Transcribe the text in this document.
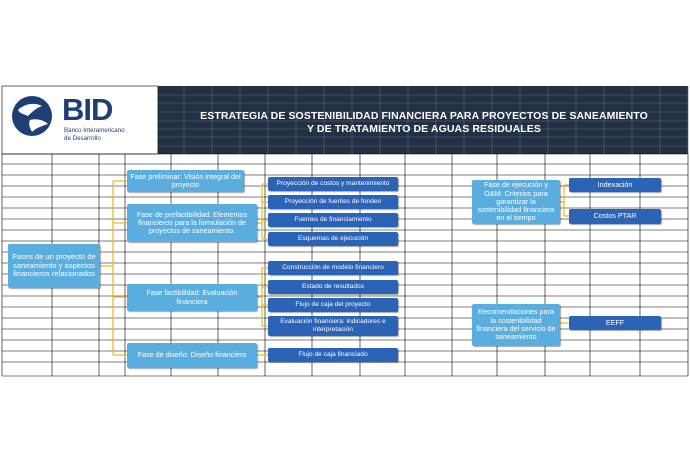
BID
Banco Interamericano
de Desarrollo
ESTRATEGIA DE SOSTENIBILIDAD FINANCIERA PARA PROYECTOS DE SANEAMIENTO
Y DE TRATAMIENTO DE AGUAS RESIDUALES
Fases de un proyecto de saneamiento y aspectos financieros relacionados
Fase preliminar: Visión integral del proyecto
Fase de prefactibilidad: Elementos financieros para la formulación de proyectos de saneamiento.
Fase factibilidad: Evaluación financiera
Fase de diseño: Diseño financiero
Proyección de costos y mantenimiento
Proyección de fuentes de fondeo
Fuentes de financiamiento
Esquemas de ejecución
Construcción de modelo financiero
Estado de resultados
Flujo de caja del proyecto
Evaluación financiera: indicadores e interpretación
Flujo de caja financiado
Fase de ejecución y O&M: Criterios para garantizar la sostenibilidad financiera en el tiempo
Indexación
Costos PTAR
Recomendaciones para la sostenibilidad financiera del servicio de saneamiento
EEFF
